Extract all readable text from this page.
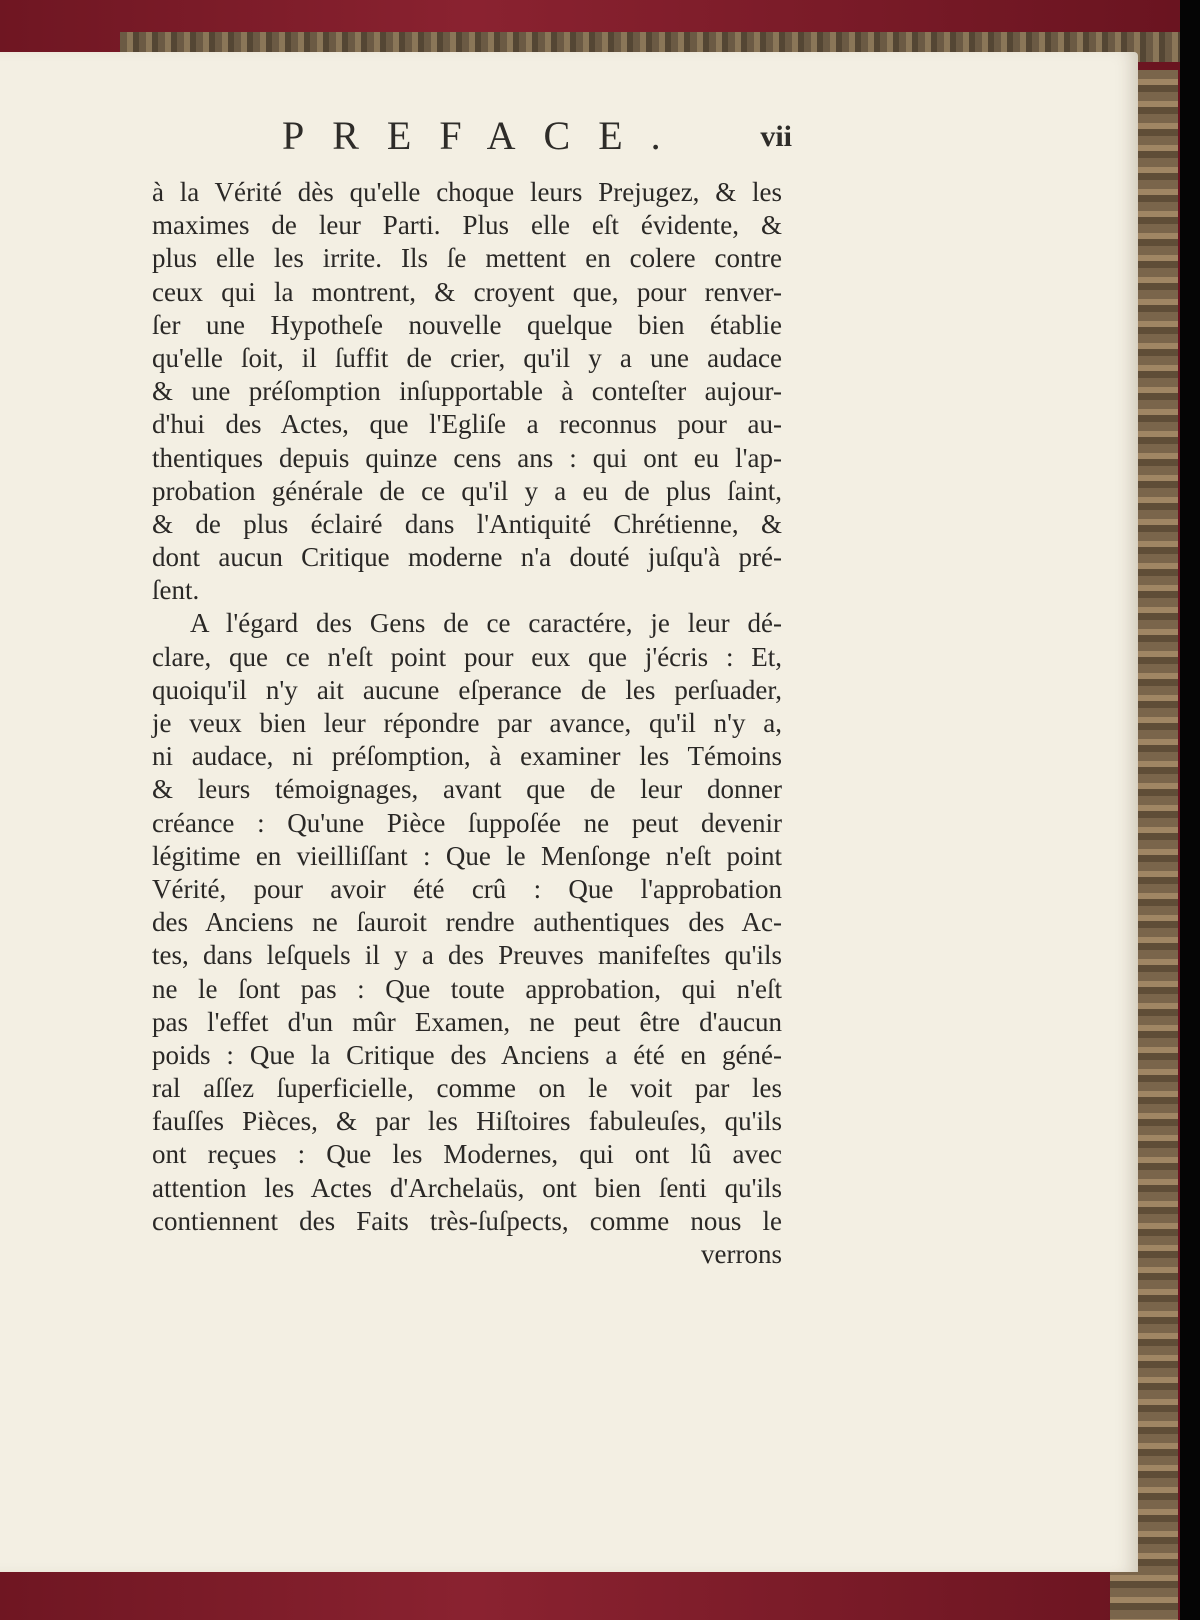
PREFACE. vii
à la Vérité dès qu'elle choque leurs Prejugez, & les
maximes de leur Parti. Plus elle eſt évidente, &
plus elle les irrite. Ils ſe mettent en colere contre
ceux qui la montrent, & croyent que, pour renver-
ſer une Hypotheſe nouvelle quelque bien établie
qu'elle ſoit, il ſuffit de crier, qu'il y a une audace
& une préſomption inſupportable à conteſter aujour-
d'hui des Actes, que l'Egliſe a reconnus pour au-
thentiques depuis quinze cens ans : qui ont eu l'ap-
probation générale de ce qu'il y a eu de plus ſaint,
& de plus éclairé dans l'Antiquité Chrétienne, &
dont aucun Critique moderne n'a douté juſqu'à pré-
ſent.
A l'égard des Gens de ce caractére, je leur dé-
clare, que ce n'eſt point pour eux que j'écris : Et,
quoiqu'il n'y ait aucune eſperance de les perſuader,
je veux bien leur répondre par avance, qu'il n'y a,
ni audace, ni préſomption, à examiner les Témoins
& leurs témoignages, avant que de leur donner
créance : Qu'une Pièce ſuppoſée ne peut devenir
légitime en vieilliſſant : Que le Menſonge n'eſt point
Vérité, pour avoir été crû : Que l'approbation
des Anciens ne ſauroit rendre authentiques des Ac-
tes, dans leſquels il y a des Preuves manifeſtes qu'ils
ne le ſont pas : Que toute approbation, qui n'eſt
pas l'effet d'un mûr Examen, ne peut être d'aucun
poids : Que la Critique des Anciens a été en géné-
ral aſſez ſuperficielle, comme on le voit par les
fauſſes Pièces, & par les Hiſtoires fabuleuſes, qu'ils
ont reçues : Que les Modernes, qui ont lû avec
attention les Actes d'Archelaüs, ont bien ſenti qu'ils
contiennent des Faits très-ſuſpects, comme nous le
verrons
